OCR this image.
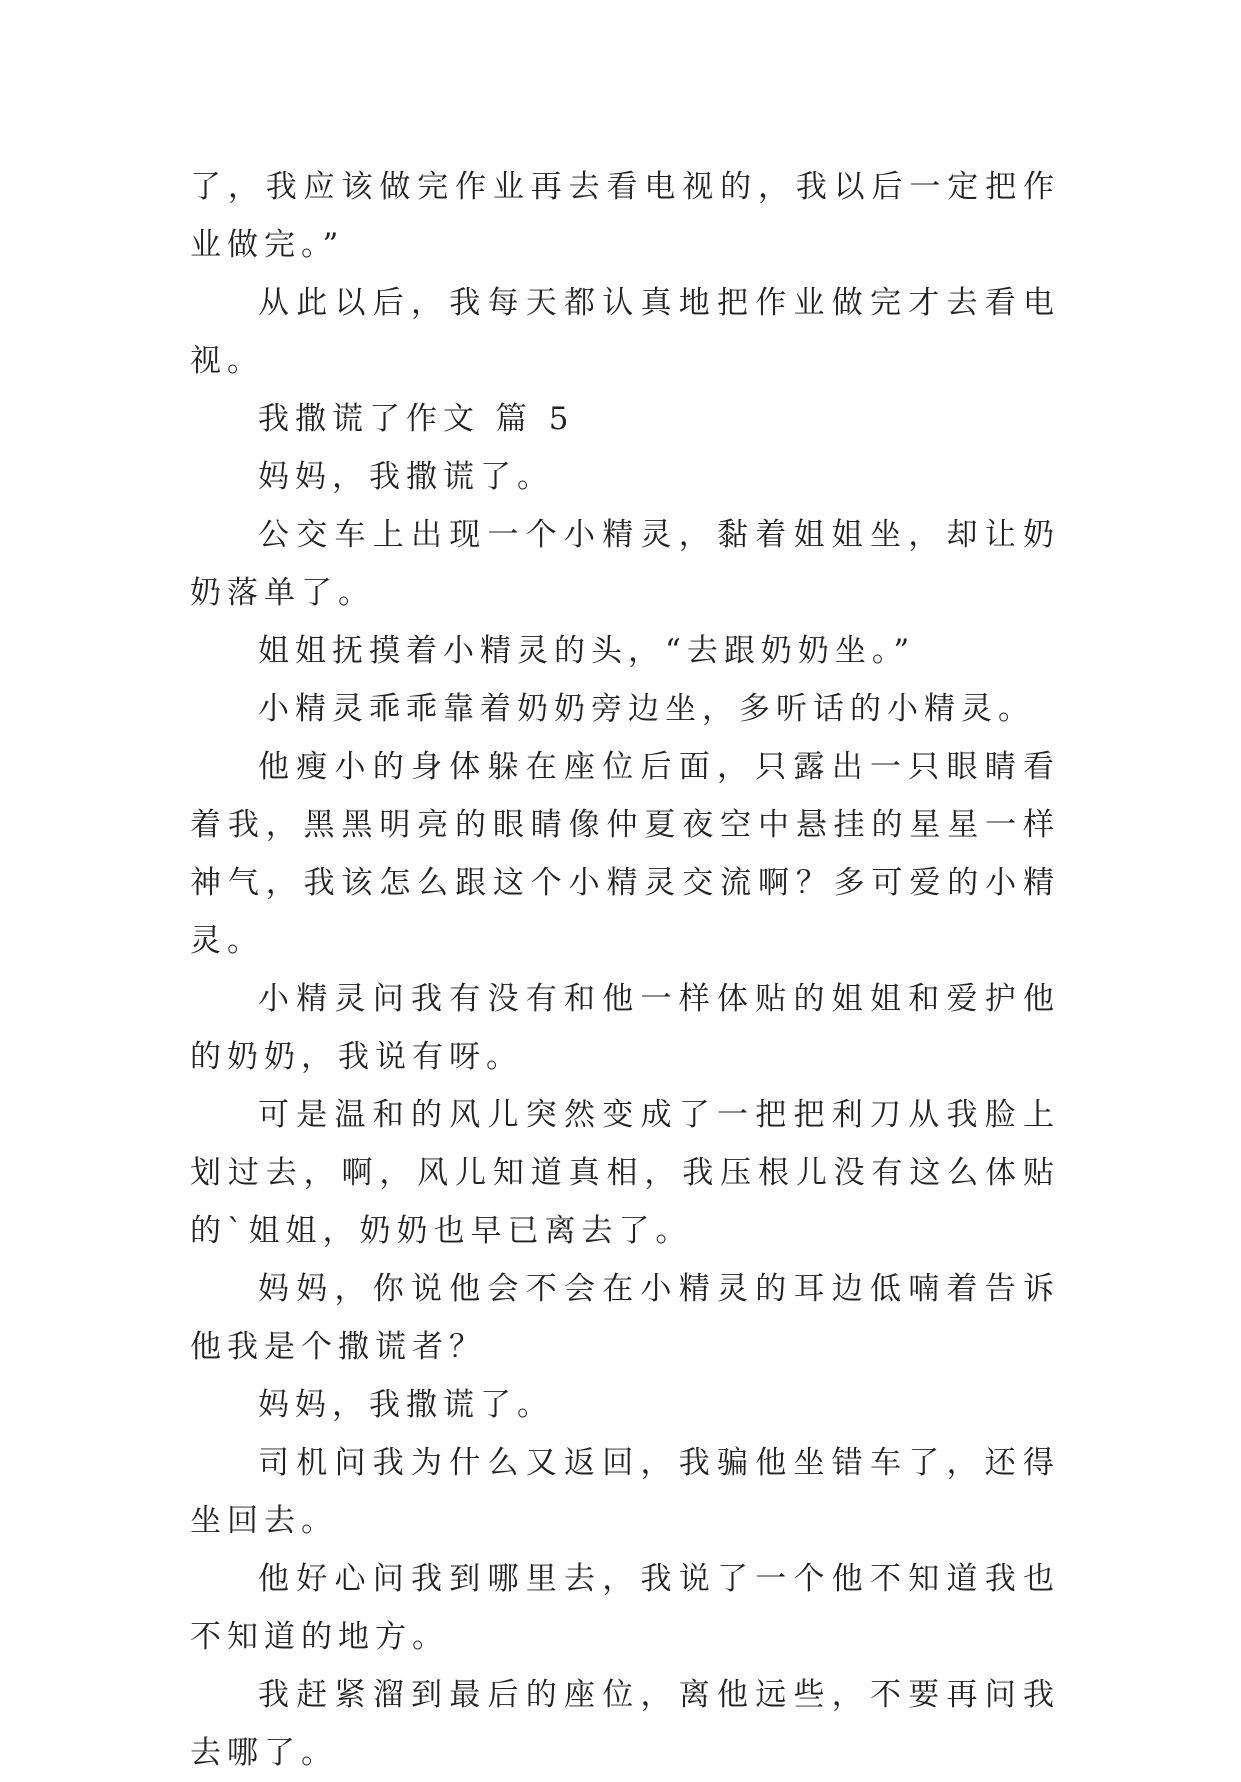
了，我应该做完作业再去看电视的，我以后一定把作业做完。”

从此以后，我每天都认真地把作业做完才去看电视。

我撒谎了作文 篇 5

妈妈，我撒谎了。

公交车上出现一个小精灵，黏着姐姐坐，却让奶奶落单了。

姐姐抚摸着小精灵的头，“去跟奶奶坐。”

小精灵乖乖靠着奶奶旁边坐，多听话的小精灵。

他瘦小的身体躲在座位后面，只露出一只眼睛看着我，黑黑明亮的眼睛像仲夏夜空中悬挂的星星一样神气，我该怎么跟这个小精灵交流啊？多可爱的小精灵。

小精灵问我有没有和他一样体贴的姐姐和爱护他的奶奶，我说有呀。

可是温和的风儿突然变成了一把把利刀从我脸上划过去，啊，风儿知道真相，我压根儿没有这么体贴的`姐姐，奶奶也早已离去了。

妈妈，你说他会不会在小精灵的耳边低喃着告诉他我是个撒谎者？

妈妈，我撒谎了。

司机问我为什么又返回，我骗他坐错车了，还得坐回去。

他好心问我到哪里去，我说了一个他不知道我也不知道的地方。

我赶紧溜到最后的座位，离他远些，不要再问我去哪了。
